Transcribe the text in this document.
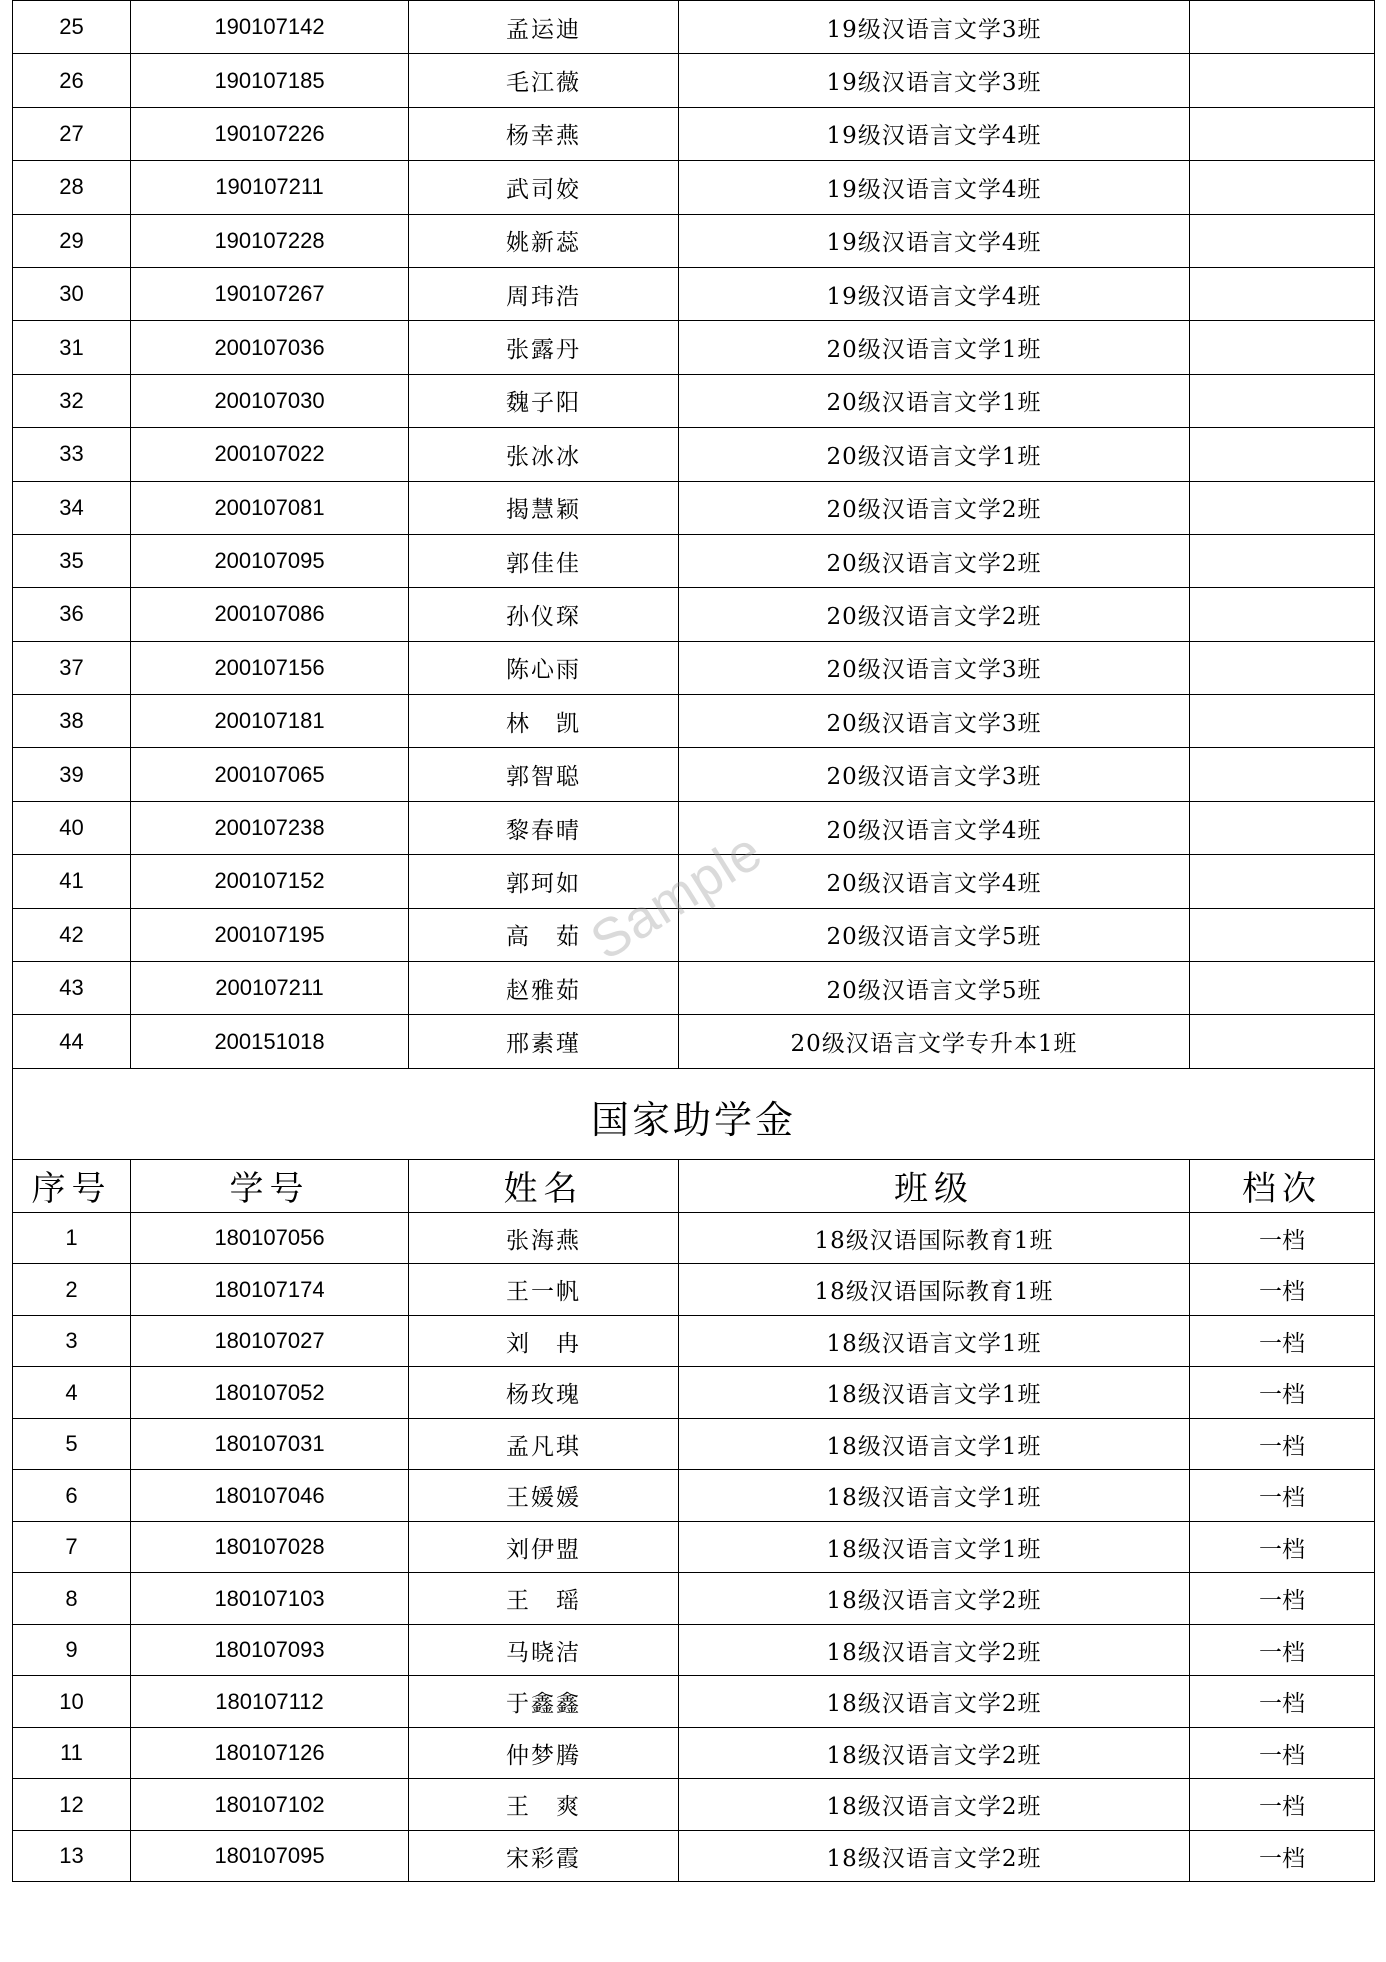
25	190107142	孟运迪	19级汉语言文学3班	
26	190107185	毛江薇	19级汉语言文学3班	
27	190107226	杨幸燕	19级汉语言文学4班	
28	190107211	武司姣	19级汉语言文学4班	
29	190107228	姚新蕊	19级汉语言文学4班	
30	190107267	周玮浩	19级汉语言文学4班	
31	200107036	张露丹	20级汉语言文学1班	
32	200107030	魏子阳	20级汉语言文学1班	
33	200107022	张冰冰	20级汉语言文学1班	
34	200107081	揭慧颖	20级汉语言文学2班	
35	200107095	郭佳佳	20级汉语言文学2班	
36	200107086	孙仪琛	20级汉语言文学2班	
37	200107156	陈心雨	20级汉语言文学3班	
38	200107181	林　凯	20级汉语言文学3班	
39	200107065	郭智聪	20级汉语言文学3班	
40	200107238	黎春晴	20级汉语言文学4班	
41	200107152	郭珂如	20级汉语言文学4班	
42	200107195	高　茹	20级汉语言文学5班	
43	200107211	赵雅茹	20级汉语言文学5班	
44	200151018	邢素瑾	20级汉语言文学专升本1班	
国家助学金				
序号	学号	姓名	班级	档次
1	180107056	张海燕	18级汉语国际教育1班	一档
2	180107174	王一帆	18级汉语国际教育1班	一档
3	180107027	刘　冉	18级汉语言文学1班	一档
4	180107052	杨玫瑰	18级汉语言文学1班	一档
5	180107031	孟凡琪	18级汉语言文学1班	一档
6	180107046	王媛媛	18级汉语言文学1班	一档
7	180107028	刘伊盟	18级汉语言文学1班	一档
8	180107103	王　瑶	18级汉语言文学2班	一档
9	180107093	马晓洁	18级汉语言文学2班	一档
10	180107112	于鑫鑫	18级汉语言文学2班	一档
11	180107126	仲梦腾	18级汉语言文学2班	一档
12	180107102	王　爽	18级汉语言文学2班	一档
13	180107095	宋彩霞	18级汉语言文学2班	一档
Sample
